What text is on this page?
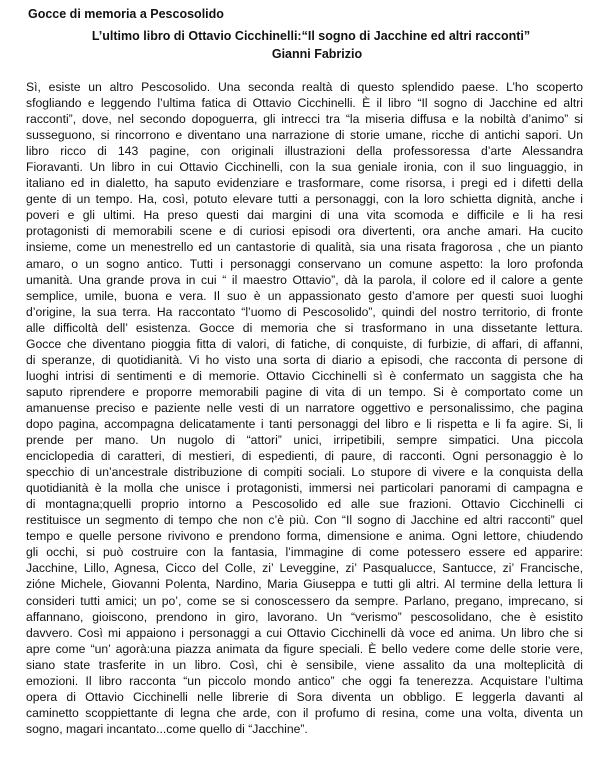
Gocce di memoria a Pescosolido
L’ultimo libro di Ottavio Cicchinelli:“Il sogno di Jacchine ed altri racconti”
Gianni Fabrizio
Sì, esiste un altro Pescosolido. Una seconda realtà di questo splendido paese. L’ho scoperto
sfogliando e leggendo l’ultima fatica di Ottavio Cicchinelli. È il libro “Il sogno di Jacchine ed altri
racconti”, dove, nel secondo dopoguerra, gli intrecci tra “la miseria diffusa e la nobiltà d’animo” si
susseguono, si rincorrono e diventano una narrazione di storie umane, ricche di antichi sapori. Un
libro ricco di 143 pagine, con originali illustrazioni della professoressa d’arte Alessandra
Fioravanti. Un libro in cui Ottavio Cicchinelli, con la sua geniale ironia, con il suo linguaggio, in
italiano ed in dialetto, ha saputo evidenziare e trasformare, come risorsa, i pregi ed i difetti della
gente di un tempo. Ha, così, potuto elevare tutti a personaggi, con la loro schietta dignità, anche i
poveri e gli ultimi. Ha preso questi dai margini di una vita scomoda e difficile e li ha resi
protagonisti di memorabili scene e di curiosi episodi ora divertenti, ora anche amari. Ha cucito
insieme, come un menestrello ed un cantastorie di qualità, sia una risata fragorosa , che un pianto
amaro, o un sogno antico. Tutti i personaggi conservano un comune aspetto: la loro profonda
umanità. Una grande prova in cui “ il maestro Ottavio”, dà la parola, il colore ed il calore a gente
semplice, umile, buona e vera. Il suo è un appassionato gesto d’amore per questi suoi luoghi
d’origine, la sua terra. Ha raccontato “l’uomo di Pescosolido”, quindi del nostro territorio, di fronte
alle difficoltà dell’ esistenza. Gocce di memoria che si trasformano in una dissetante lettura.
Gocce che diventano pioggia fitta di valori, di fatiche, di conquiste, di furbizie, di affari, di affanni,
di speranze, di quotidianità. Vi ho visto una sorta di diario a episodi, che racconta di persone di
luoghi intrisi di sentimenti e di memorie. Ottavio Cicchinelli sì è confermato un saggista che ha
saputo riprendere e proporre memorabili pagine di vita di un tempo. Si è comportato come un
amanuense preciso e paziente nelle vesti di un narratore oggettivo e personalissimo, che pagina
dopo pagina, accompagna delicatamente i tanti personaggi del libro e li rispetta e li fa agire. Si, li
prende per mano. Un nugolo di “attori” unici, irripetibili, sempre simpatici. Una piccola
enciclopedia di caratteri, di mestieri, di espedienti, di paure, di racconti. Ogni personaggio è lo
specchio di un’ancestrale distribuzione di compiti sociali. Lo stupore di vivere e la conquista della
quotidianità è la molla che unisce i protagonisti, immersi nei particolari panorami di campagna e
di montagna;quelli proprio intorno a Pescosolido ed alle sue frazioni. Ottavio Cicchinelli ci
restituisce un segmento di tempo che non c’è più. Con “Il sogno di Jacchine ed altri racconti” quel
tempo e quelle persone rivivono e prendono forma, dimensione e anima. Ogni lettore, chiudendo
gli occhi, si può costruire con la fantasia, l’immagine di come potessero essere ed apparire:
Jacchine, Lillo, Agnesa, Cicco del Colle, zi’ Leveggine, zi’ Pasqualucce, Santucce, zi’ Francische,
zióne Michele, Giovanni Polenta, Nardino, Maria Giuseppa e tutti gli altri. Al termine della lettura li
consideri tutti amici; un po’, come se si conoscessero da sempre. Parlano, pregano, imprecano, si
affannano, gioiscono, prendono in giro, lavorano. Un “verismo” pescosolidano, che è esistito
davvero. Così mi appaiono i personaggi a cui Ottavio Cicchinelli dà voce ed anima. Un libro che si
apre come “un’ agorà:una piazza animata da figure speciali. È bello vedere come delle storie vere,
siano state trasferite in un libro. Così, chi è sensibile, viene assalito da una molteplicità di
emozioni. Il libro racconta “un piccolo mondo antico” che oggi fa tenerezza. Acquistare l’ultima
opera di Ottavio Cicchinelli nelle librerie di Sora diventa un obbligo. E leggerla davanti al
caminetto scoppiettante di legna che arde, con il profumo di resina, come una volta, diventa un
sogno, magari incantato...come quello di “Jacchine”.
